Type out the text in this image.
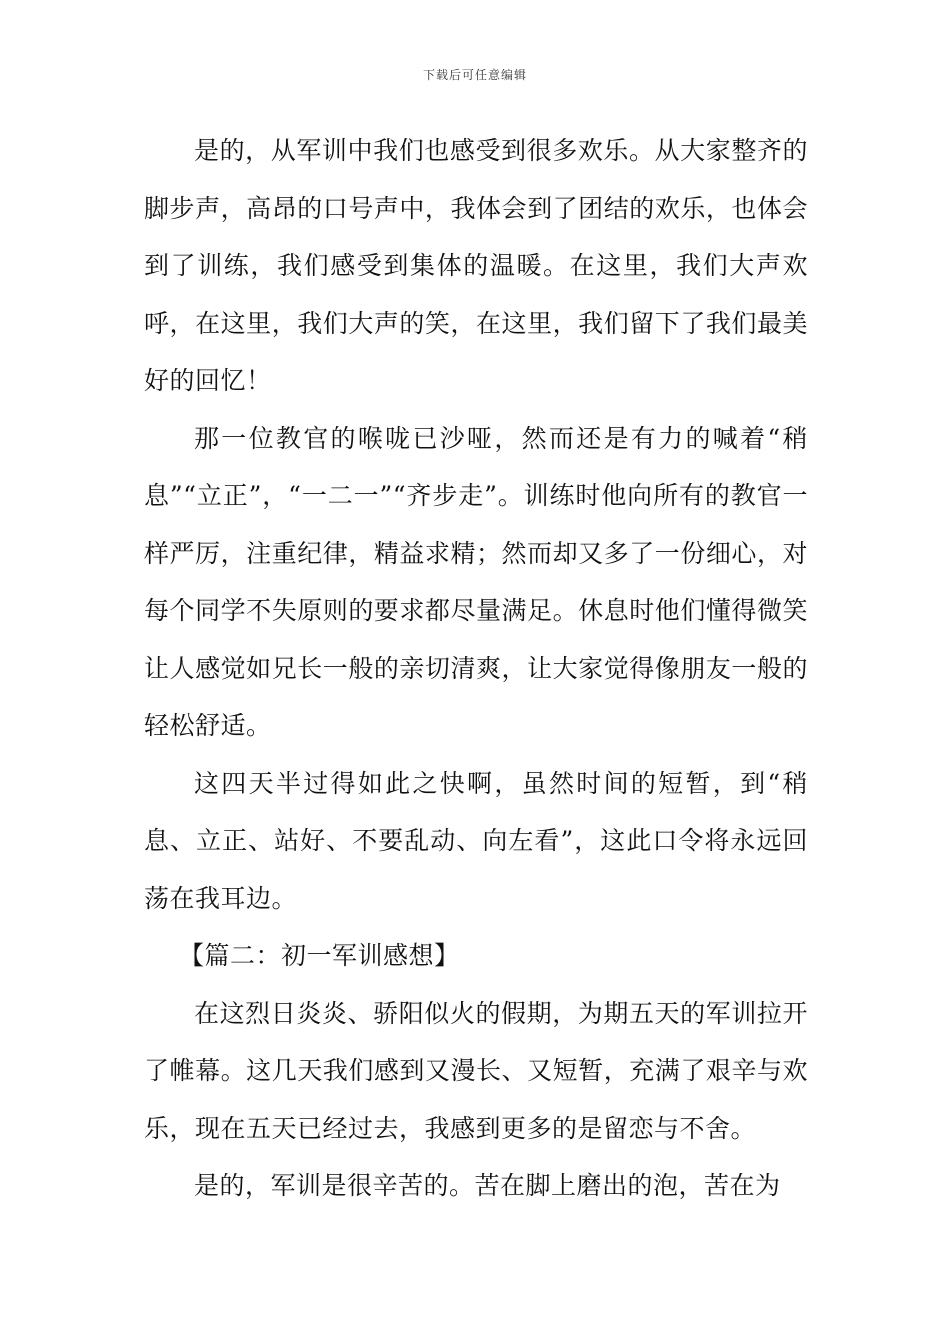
下载后可任意编辑

是的，从军训中我们也感受到很多欢乐。从大家整齐的脚步声，高昂的口号声中，我体会到了团结的欢乐，也体会到了训练，我们感受到集体的温暖。在这里，我们大声欢呼，在这里，我们大声的笑，在这里，我们留下了我们最美好的回忆！

那一位教官的喉咙已沙哑，然而还是有力的喊着“稍息”“立正”，“一二一”“齐步走”。训练时他向所有的教官一样严厉，注重纪律，精益求精；然而却又多了一份细心，对每个同学不失原则的要求都尽量满足。休息时他们懂得微笑让人感觉如兄长一般的亲切清爽，让大家觉得像朋友一般的轻松舒适。

这四天半过得如此之快啊，虽然时间的短暂，到“稍息、立正、站好、不要乱动、向左看”，这此口令将永远回荡在我耳边。

【篇二：初一军训感想】

在这烈日炎炎、骄阳似火的假期，为期五天的军训拉开了帷幕。这几天我们感到又漫长、又短暂，充满了艰辛与欢乐，现在五天已经过去，我感到更多的是留恋与不舍。

是的，军训是很辛苦的。苦在脚上磨出的泡，苦在为
